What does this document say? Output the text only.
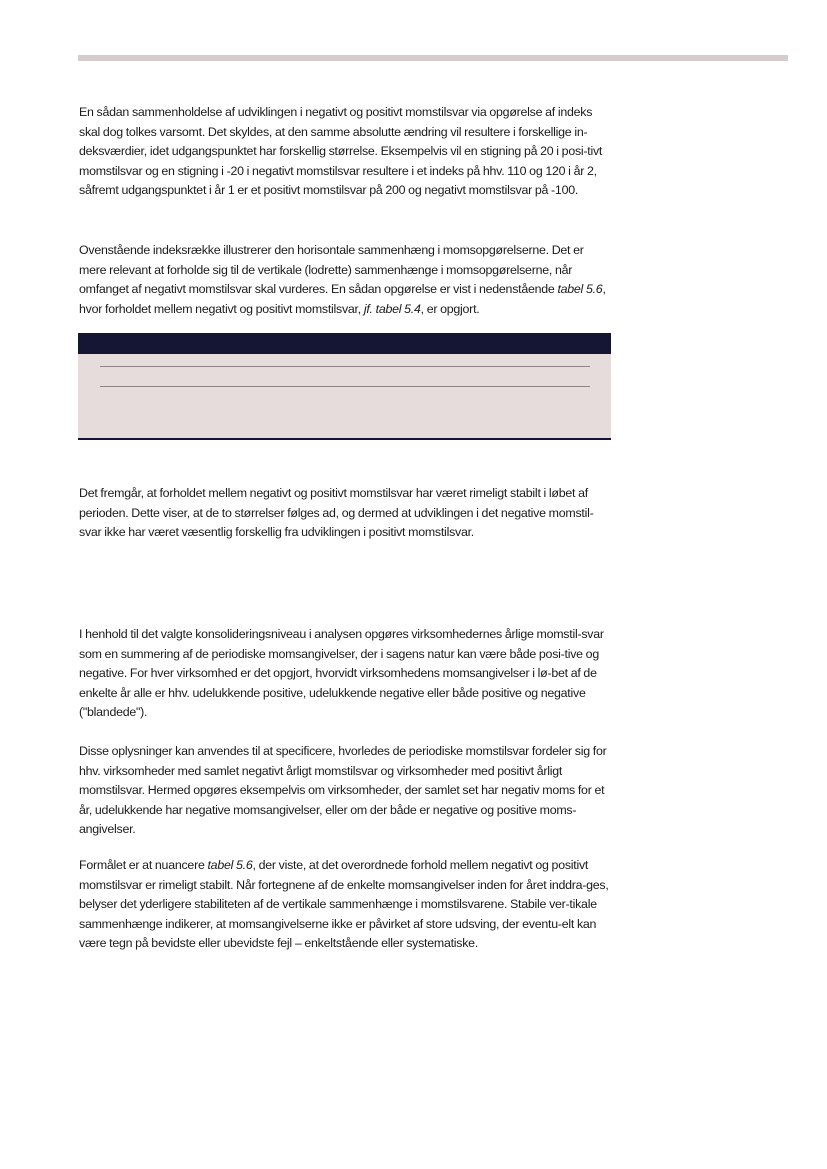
En sådan sammenholdelse af udviklingen i negativt og positivt momstilsvar via opgørelse af indeks skal dog tolkes varsomt. Det skyldes, at den samme absolutte ændring vil resultere i forskellige in-deksværdier, idet udgangspunktet har forskellig størrelse. Eksempelvis vil en stigning på 20 i posi-tivt momstilsvar og en stigning i -20 i negativt momstilsvar resultere i et indeks på hhv. 110 og 120 i år 2, såfremt udgangspunktet i år 1 er et positivt momstilsvar på 200 og negativt momstilsvar på -100.

Ovenstående indeksrække illustrerer den horisontale sammenhæng i momsopgørelserne. Det er mere relevant at forholde sig til de vertikale (lodrette) sammenhænge i momsopgørelserne, når omfanget af negativt momstilsvar skal vurderes. En sådan opgørelse er vist i nedenstående tabel 5.6, hvor forholdet mellem negativt og positivt momstilsvar, jf. tabel 5.4, er opgjort.

Det fremgår, at forholdet mellem negativt og positivt momstilsvar har været rimeligt stabilt i løbet af perioden. Dette viser, at de to størrelser følges ad, og dermed at udviklingen i det negative momstil-svar ikke har været væsentlig forskellig fra udviklingen i positivt momstilsvar.

I henhold til det valgte konsolideringsniveau i analysen opgøres virksomhedernes årlige momstil-svar som en summering af de periodiske momsangivelser, der i sagens natur kan være både posi-tive og negative. For hver virksomhed er det opgjort, hvorvidt virksomhedens momsangivelser i lø-bet af de enkelte år alle er hhv. udelukkende positive, udelukkende negative eller både positive og negative ("blandede").

Disse oplysninger kan anvendes til at specificere, hvorledes de periodiske momstilsvar fordeler sig for hhv. virksomheder med samlet negativt årligt momstilsvar og virksomheder med positivt årligt momstilsvar. Hermed opgøres eksempelvis om virksomheder, der samlet set har negativ moms for et år, udelukkende har negative momsangivelser, eller om der både er negative og positive moms-angivelser.

Formålet er at nuancere tabel 5.6, der viste, at det overordnede forhold mellem negativt og positivt momstilsvar er rimeligt stabilt. Når fortegnene af de enkelte momsangivelser inden for året inddra-ges, belyser det yderligere stabiliteten af de vertikale sammenhænge i momstilsvarene. Stabile ver-tikale sammenhænge indikerer, at momsangivelserne ikke er påvirket af store udsving, der eventu-elt kan være tegn på bevidste eller ubevidste fejl – enkeltstående eller systematiske.
